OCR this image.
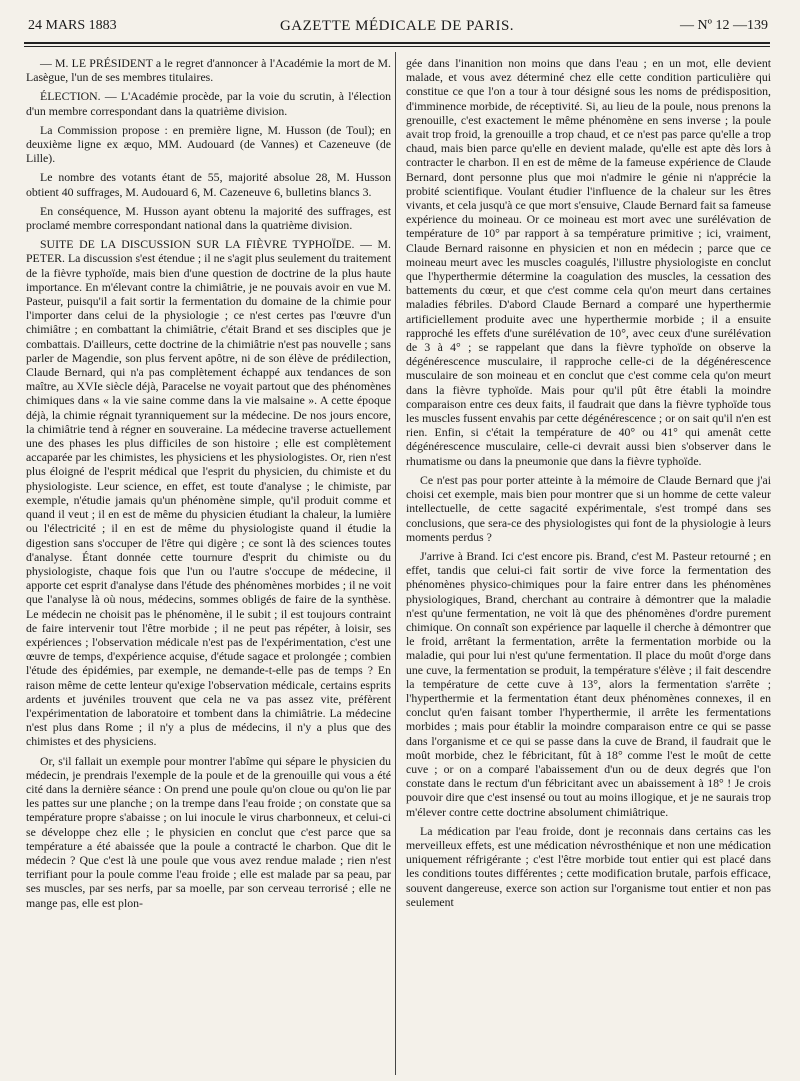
24 MARS 1883	GAZETTE MÉDICALE DE PARIS.	— Nº 12 —139

— M. LE PRÉSIDENT a le regret d'annoncer à l'Académie la mort de M. Lasègue, l'un de ses membres titulaires.

ÉLECTION. — L'Académie procède, par la voie du scrutin, à l'élection d'un membre correspondant dans la quatrième division.

La Commission propose : en première ligne, M. Husson (de Toul); en deuxième ligne ex æquo, MM. Audouard (de Vannes) et Cazeneuve (de Lille).

Le nombre des votants étant de 55, majorité absolue 28, M. Husson obtient 40 suffrages, M. Audouard 6, M. Cazeneuve 6, bulletins blancs 3.

En conséquence, M. Husson ayant obtenu la majorité des suffrages, est proclamé membre correspondant national dans la quatrième division.

SUITE DE LA DISCUSSION SUR LA FIÈVRE TYPHOÏDE. — M. PETER. La discussion s'est étendue ; il ne s'agit plus seulement du traitement de la fièvre typhoïde, mais bien d'une question de doctrine de la plus haute importance. En m'élevant contre la chimiâtrie, je ne pouvais avoir en vue M. Pasteur, puisqu'il a fait sortir la fermentation du domaine de la chimie pour l'importer dans celui de la physiologie ; ce n'est certes pas l'œuvre d'un chimiâtre ; en combattant la chimiâtrie, c'était Brand et ses disciples que je combattais. D'ailleurs, cette doctrine de la chimiâtrie n'est pas nouvelle ; sans parler de Magendie, son plus fervent apôtre, ni de son élève de prédilection, Claude Bernard, qui n'a pas complètement échappé aux tendances de son maître, au XVIe siècle déjà, Paracelse ne voyait partout que des phénomènes chimiques dans « la vie saine comme dans la vie malsaine ». A cette époque déjà, la chimie régnait tyranniquement sur la médecine. De nos jours encore, la chimiâtrie tend à régner en souveraine. La médecine traverse actuellement une des phases les plus difficiles de son histoire ; elle est complètement accaparée par les chimistes, les physiciens et les physiologistes. Or, rien n'est plus éloigné de l'esprit médical que l'esprit du physicien, du chimiste et du physiologiste. Leur science, en effet, est toute d'analyse ; le chimiste, par exemple, n'étudie jamais qu'un phénomène simple, qu'il produit comme et quand il veut ; il en est de même du physicien étudiant la chaleur, la lumière ou l'électricité ; il en est de même du physiologiste quand il étudie la digestion sans s'occuper de l'être qui digère ; ce sont là des sciences toutes d'analyse. Étant donnée cette tournure d'esprit du chimiste ou du physiologiste, chaque fois que l'un ou l'autre s'occupe de médecine, il apporte cet esprit d'analyse dans l'étude des phénomènes morbides ; il ne voit que l'analyse là où nous, médecins, sommes obligés de faire de la synthèse. Le médecin ne choisit pas le phénomène, il le subit ; il est toujours contraint de faire intervenir tout l'être morbide ; il ne peut pas répéter, à loisir, ses expériences ; l'observation médicale n'est pas de l'expérimentation, c'est une œuvre de temps, d'expérience acquise, d'étude sagace et prolongée ; combien l'étude des épidémies, par exemple, ne demande-t-elle pas de temps ? En raison même de cette lenteur qu'exige l'observation médicale, certains esprits ardents et juvéniles trouvent que cela ne va pas assez vite, préfèrent l'expérimentation de laboratoire et tombent dans la chimiâtrie. La médecine n'est plus dans Rome ; il n'y a plus de médecins, il n'y a plus que des chimistes et des physiciens.

Or, s'il fallait un exemple pour montrer l'abîme qui sépare le physicien du médecin, je prendrais l'exemple de la poule et de la grenouille qui vous a été cité dans la dernière séance : On prend une poule qu'on cloue ou qu'on lie par les pattes sur une planche ; on la trempe dans l'eau froide ; on constate que sa température propre s'abaisse ; on lui inocule le virus charbonneux, et celui-ci se développe chez elle ; le physicien en conclut que c'est parce que sa température a été abaissée que la poule a contracté le charbon. Que dit le médecin ? Que c'est là une poule que vous avez rendue malade ; rien n'est terrifiant pour la poule comme l'eau froide ; elle est malade par sa peau, par ses muscles, par ses nerfs, par sa moelle, par son cerveau terrorisé ; elle ne mange pas, elle est plon-

gée dans l'inanition non moins que dans l'eau ; en un mot, elle devient malade, et vous avez déterminé chez elle cette condition particulière qui constitue ce que l'on a tour à tour désigné sous les noms de prédisposition, d'imminence morbide, de réceptivité. Si, au lieu de la poule, nous prenons la grenouille, c'est exactement le même phénomène en sens inverse ; la poule avait trop froid, la grenouille a trop chaud, et ce n'est pas parce qu'elle a trop chaud, mais bien parce qu'elle en devient malade, qu'elle est apte dès lors à contracter le charbon. Il en est de même de la fameuse expérience de Claude Bernard, dont personne plus que moi n'admire le génie ni n'apprécie la probité scientifique. Voulant étudier l'influence de la chaleur sur les êtres vivants, et cela jusqu'à ce que mort s'ensuive, Claude Bernard fait sa fameuse expérience du moineau. Or ce moineau est mort avec une surélévation de température de 10° par rapport à sa température primitive ; ici, vraiment, Claude Bernard raisonne en physicien et non en médecin ; parce que ce moineau meurt avec les muscles coagulés, l'illustre physiologiste en conclut que l'hyperthermie détermine la coagulation des muscles, la cessation des battements du cœur, et que c'est comme cela qu'on meurt dans certaines maladies fébriles. D'abord Claude Bernard a comparé une hyperthermie artificiellement produite avec une hyperthermie morbide ; il a ensuite rapproché les effets d'une surélévation de 10°, avec ceux d'une surélévation de 3 à 4° ; se rappelant que dans la fièvre typhoïde on observe la dégénérescence musculaire, il rapproche celle-ci de la dégénérescence musculaire de son moineau et en conclut que c'est comme cela qu'on meurt dans la fièvre typhoïde. Mais pour qu'il pût être établi la moindre comparaison entre ces deux faits, il faudrait que dans la fièvre typhoïde tous les muscles fussent envahis par cette dégénérescence ; or on sait qu'il n'en est rien. Enfin, si c'était la température de 40° ou 41° qui amenât cette dégénérescence musculaire, celle-ci devrait aussi bien s'observer dans le rhumatisme ou dans la pneumonie que dans la fièvre typhoïde.

Ce n'est pas pour porter atteinte à la mémoire de Claude Bernard que j'ai choisi cet exemple, mais bien pour montrer que si un homme de cette valeur intellectuelle, de cette sagacité expérimentale, s'est trompé dans ses conclusions, que sera-ce des physiologistes qui font de la physiologie à leurs moments perdus ?

J'arrive à Brand. Ici c'est encore pis. Brand, c'est M. Pasteur retourné ; en effet, tandis que celui-ci fait sortir de vive force la fermentation des phénomènes physico-chimiques pour la faire entrer dans les phénomènes physiologiques, Brand, cherchant au contraire à démontrer que la maladie n'est qu'une fermentation, ne voit là que des phénomènes d'ordre purement chimique. On connaît son expérience par laquelle il cherche à démontrer que le froid, arrêtant la fermentation, arrête la fermentation morbide ou la maladie, qui pour lui n'est qu'une fermentation. Il place du moût d'orge dans une cuve, la fermentation se produit, la température s'élève ; il fait descendre la température de cette cuve à 13°, alors la fermentation s'arrête ; l'hyperthermie et la fermentation étant deux phénomènes connexes, il en conclut qu'en faisant tomber l'hyperthermie, il arrête les fermentations morbides ; mais pour établir la moindre comparaison entre ce qui se passe dans l'organisme et ce qui se passe dans la cuve de Brand, il faudrait que le moût morbide, chez le fébricitant, fût à 18° comme l'est le moût de cette cuve ; or on a comparé l'abaissement d'un ou de deux degrés que l'on constate dans le rectum d'un fébricitant avec un abaissement à 18° ! Je crois pouvoir dire que c'est insensé ou tout au moins illogique, et je ne saurais trop m'élever contre cette doctrine absolument chimiâtrique.

La médication par l'eau froide, dont je reconnais dans certains cas les merveilleux effets, est une médication névrosthénique et non une médication uniquement réfrigérante ; c'est l'être morbide tout entier qui est placé dans les conditions toutes différentes ; cette modification brutale, parfois efficace, souvent dangereuse, exerce son action sur l'organisme tout entier et non pas seulement
